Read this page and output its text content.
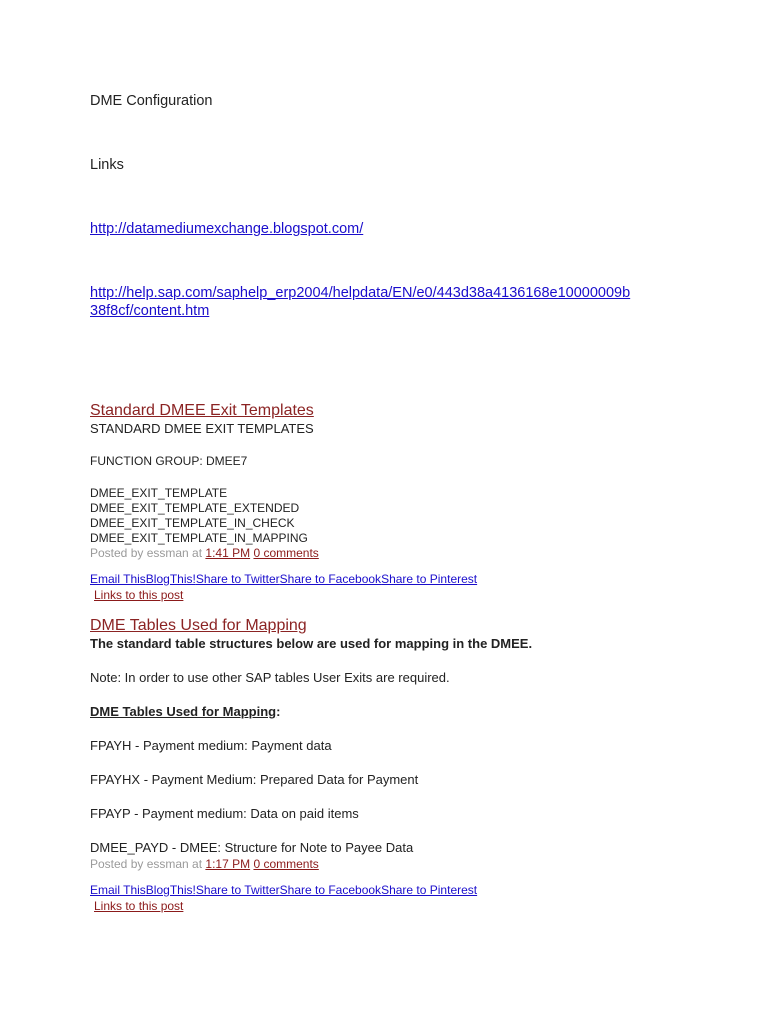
DME Configuration
Links
http://datamediumexchange.blogspot.com/
http://help.sap.com/saphelp_erp2004/helpdata/EN/e0/443d38a4136168e10000009b
38f8cf/content.htm
Standard DMEE Exit Templates
STANDARD DMEE EXIT TEMPLATES
FUNCTION GROUP: DMEE7
DMEE_EXIT_TEMPLATE
DMEE_EXIT_TEMPLATE_EXTENDED
DMEE_EXIT_TEMPLATE_IN_CHECK
DMEE_EXIT_TEMPLATE_IN_MAPPING
Posted by essman at 1:41 PM 0 comments
Email ThisBlogThis!Share to TwitterShare to FacebookShare to Pinterest
Links to this post
DME Tables Used for Mapping
The standard table structures below are used for mapping in the DMEE.
Note: In order to use other SAP tables User Exits are required.
DME Tables Used for Mapping:
FPAYH - Payment medium: Payment data
FPAYHX - Payment Medium: Prepared Data for Payment
FPAYP - Payment medium: Data on paid items
DMEE_PAYD - DMEE: Structure for Note to Payee Data
Posted by essman at 1:17 PM 0 comments
Email ThisBlogThis!Share to TwitterShare to FacebookShare to Pinterest
Links to this post
